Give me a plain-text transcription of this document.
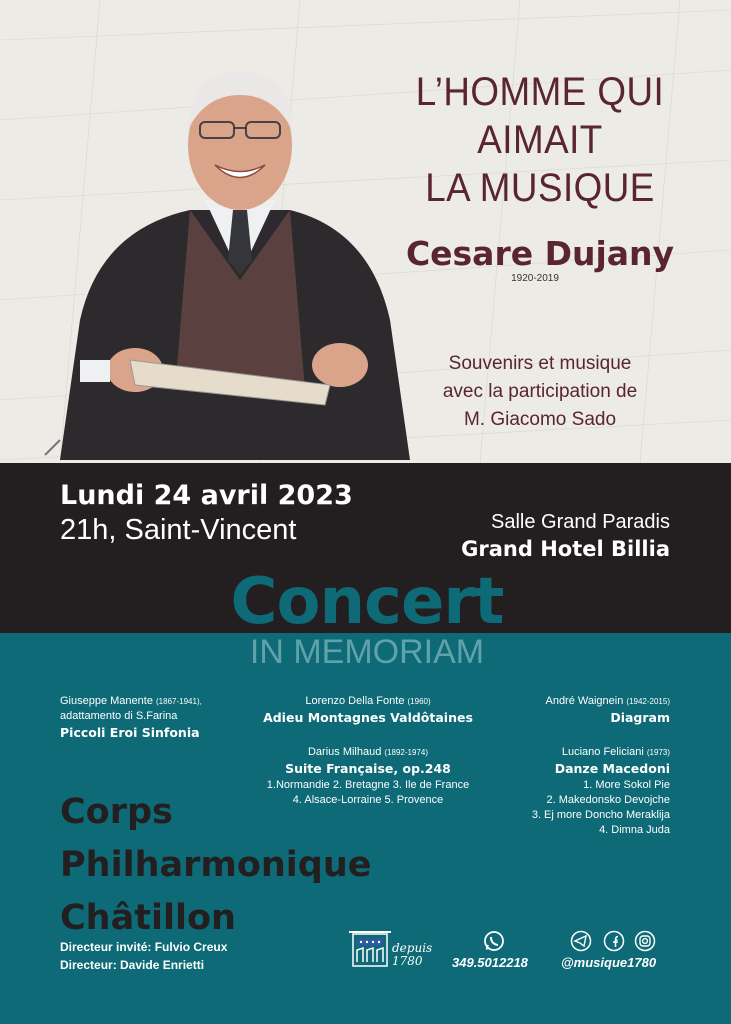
L’HOMME QUI
AIMAIT
LA MUSIQUE
Cesare Dujany
1920-2019
Souvenirs et musique
avec la participation de
M. Giacomo Sado
Lundi 24 avril 2023
21h, Saint-Vincent	Salle Grand Paradis
Grand Hotel Billia
Concert
IN MEMORIAM
Giuseppe Manente (1867-1941),
adattamento di S.Farina
Piccoli Eroi Sinfonia
Lorenzo Della Fonte (1960)
Adieu Montagnes Valdôtaines
Darius Milhaud (1892-1974)
Suite Française, op.248
1.Normandie 2. Bretagne 3. Ile de France
4. Alsace-Lorraine 5. Provence
André Waignein (1942-2015)
Diagram
Luciano Feliciani (1973)
Danze Macedoni
1. More Sokol Pie
2. Makedonsko Devojche
3. Ej more Doncho Meraklija
4. Dimna Juda
Corps
Philharmonique
Châtillon
Directeur invité: Fulvio Creux
Directeur: Davide Enrietti
depuis
1780	349.5012218	@musique1780
